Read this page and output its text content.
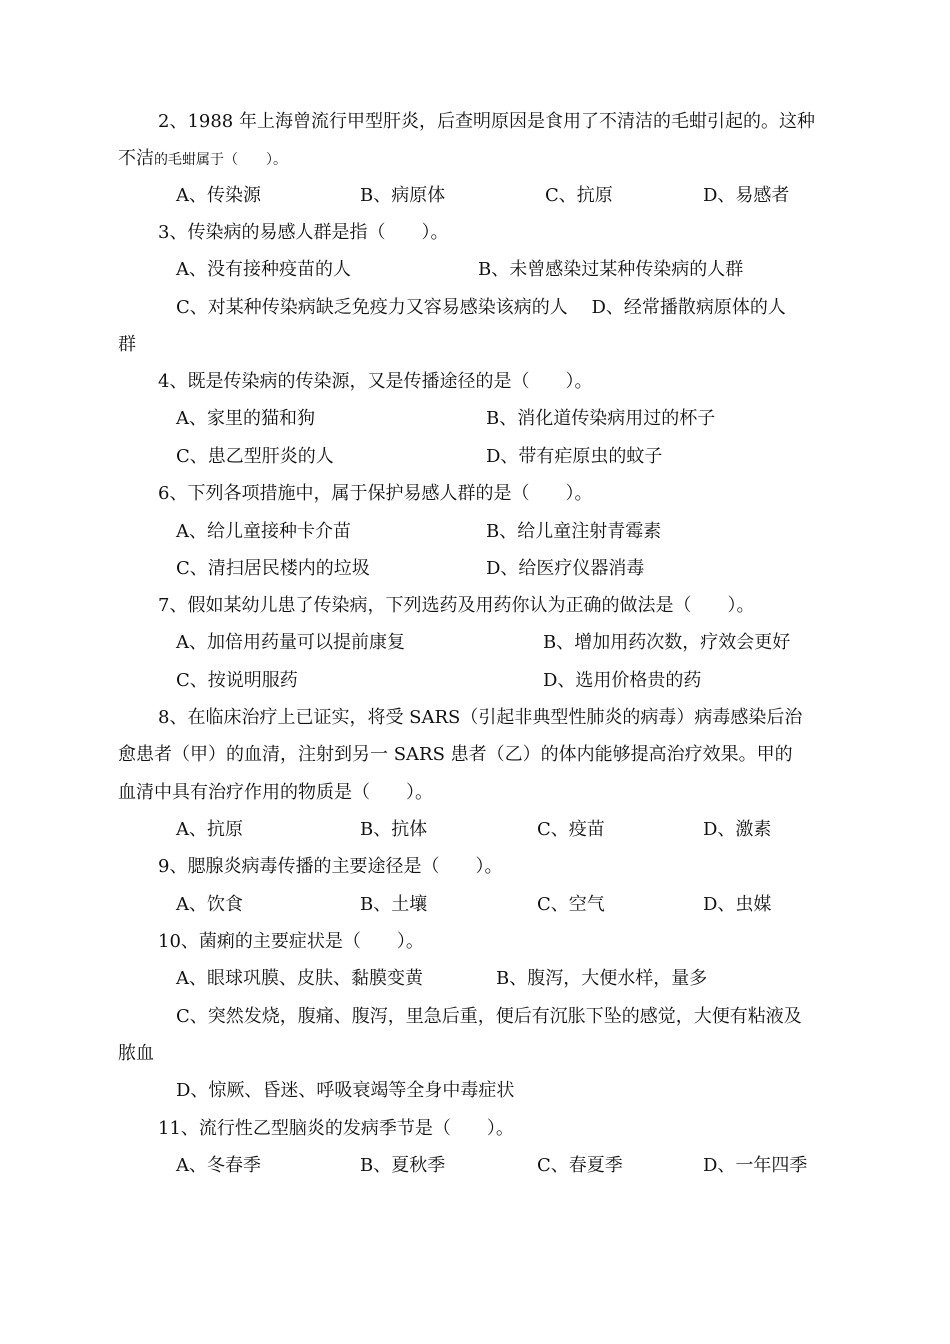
2、1988 年上海曾流行甲型肝炎，后查明原因是食用了不清洁的毛蚶引起的。这种
不洁的毛蚶属于（　　）。
A、传染源	B、病原体	C、抗原	D、易感者
3、传染病的易感人群是指（　　）。
A、没有接种疫苗的人	B、未曾感染过某种传染病的人群
C、对某种传染病缺乏免疫力又容易感染该病的人　 D、经常播散病原体的人
群
4、既是传染病的传染源，又是传播途径的是（　　）。
A、家里的猫和狗	B、消化道传染病用过的杯子
C、患乙型肝炎的人	D、带有疟原虫的蚊子
6、下列各项措施中，属于保护易感人群的是（　　）。
A、给儿童接种卡介苗	B、给儿童注射青霉素
C、清扫居民楼内的垃圾	D、给医疗仪器消毒
7、假如某幼儿患了传染病，下列选药及用药你认为正确的做法是（　　）。
A、加倍用药量可以提前康复	B、增加用药次数，疗效会更好
C、按说明服药	D、选用价格贵的药
8、在临床治疗上已证实，将受 SARS（引起非典型性肺炎的病毒）病毒感染后治
愈患者（甲）的血清，注射到另一 SARS 患者（乙）的体内能够提高治疗效果。甲的
血清中具有治疗作用的物质是（　　）。
A、抗原	B、抗体	C、疫苗	D、激素
9、腮腺炎病毒传播的主要途径是（　　）。
A、饮食	B、土壤	C、空气	D、虫媒
10、菌痢的主要症状是（　　）。
A、眼球巩膜、皮肤、黏膜变黄	B、腹泻，大便水样，量多
C、突然发烧，腹痛、腹泻，里急后重，便后有沉胀下坠的感觉，大便有粘液及
脓血
D、惊厥、昏迷、呼吸衰竭等全身中毒症状
11、流行性乙型脑炎的发病季节是（　　）。
A、冬春季	B、夏秋季	C、春夏季	D、一年四季
